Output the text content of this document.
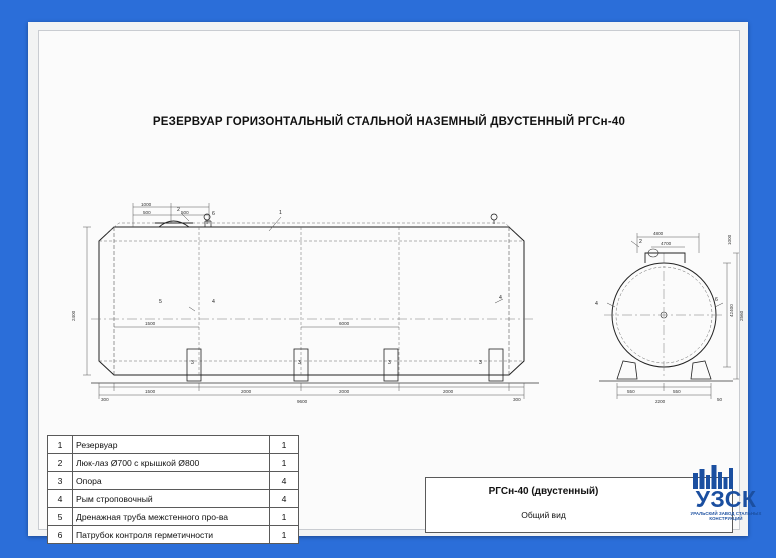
РЕЗЕРВУАР ГОРИЗОНТАЛЬНЫЙ СТАЛЬНОЙ НАЗЕМНЫЙ ДВУСТЕННЫЙ РГСн-40
1
2
3	3	3	3
4
4
5
6
2
4
6
1000
500	500
2400
1500	6000
1500	2000	2000	2000
300	300
9600
4800
4700
42400 2560
1000
550	550
2200	50
1	Резервуар	1
2	Люк-лаз Ø700 с крышкой Ø800	1
3	Опора	4
4	Рым строповочный	4
5	Дренажная труба межстенного про-ва	1
6	Патрубок контроля герметичности	1
РГСн-40 (двустенный)
Общий вид
УЗСК
УРАЛЬСКИЙ ЗАВОД СТАЛЬНЫХ КОНСТРУКЦИЙ
